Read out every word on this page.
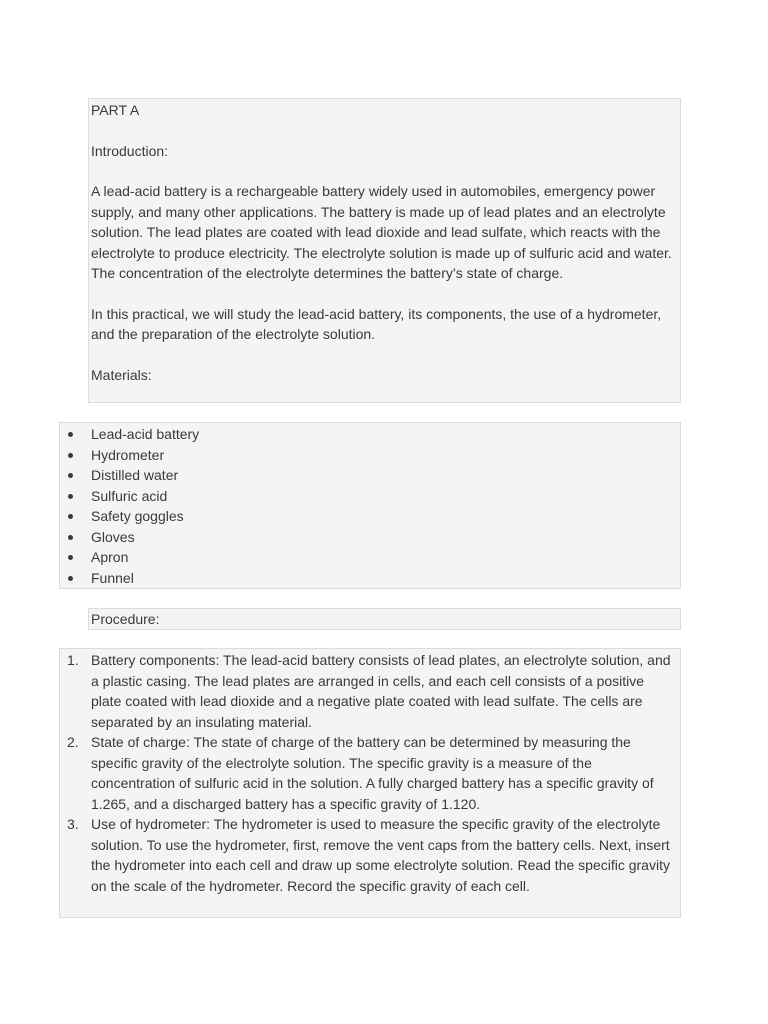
PART A

Introduction:

A lead-acid battery is a rechargeable battery widely used in automobiles, emergency power supply, and many other applications. The battery is made up of lead plates and an electrolyte solution. The lead plates are coated with lead dioxide and lead sulfate, which reacts with the electrolyte to produce electricity. The electrolyte solution is made up of sulfuric acid and water. The concentration of the electrolyte determines the battery’s state of charge.

In this practical, we will study the lead-acid battery, its components, the use of a hydrometer, and the preparation of the electrolyte solution.

Materials:

Lead-acid battery
Hydrometer
Distilled water
Sulfuric acid
Safety goggles
Gloves
Apron
Funnel

Procedure:

1. Battery components: The lead-acid battery consists of lead plates, an electrolyte solution, and a plastic casing. The lead plates are arranged in cells, and each cell consists of a positive plate coated with lead dioxide and a negative plate coated with lead sulfate. The cells are separated by an insulating material.
2. State of charge: The state of charge of the battery can be determined by measuring the specific gravity of the electrolyte solution. The specific gravity is a measure of the concentration of sulfuric acid in the solution. A fully charged battery has a specific gravity of 1.265, and a discharged battery has a specific gravity of 1.120.
3. Use of hydrometer: The hydrometer is used to measure the specific gravity of the electrolyte solution. To use the hydrometer, first, remove the vent caps from the battery cells. Next, insert the hydrometer into each cell and draw up some electrolyte solution. Read the specific gravity on the scale of the hydrometer. Record the specific gravity of each cell.
